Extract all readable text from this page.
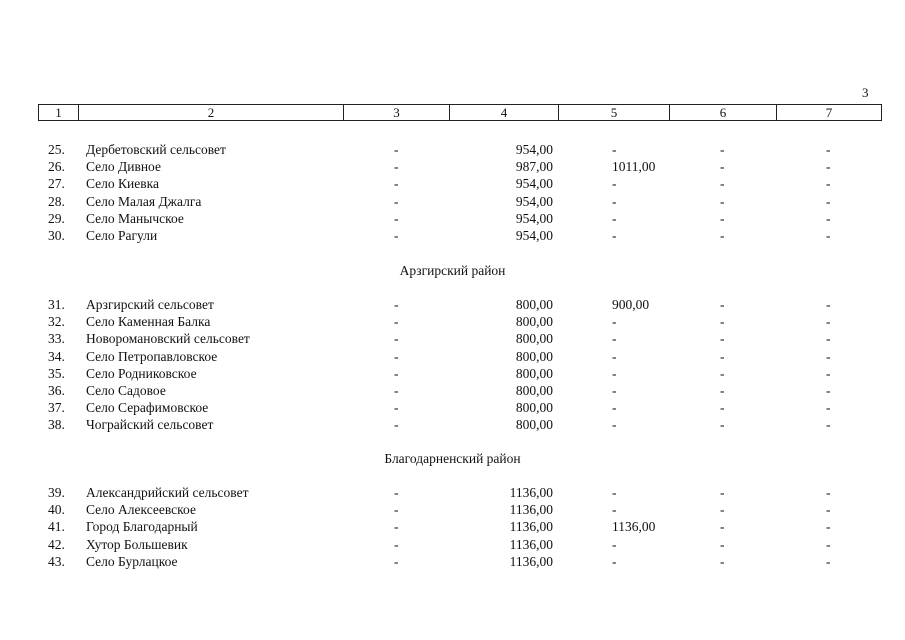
3
1	2	3	4	5	6	7
25. Дербетовский сельсовет	-	954,00	-	-	-
26. Село Дивное	-	987,00	1011,00	-	-
27. Село Киевка	-	954,00	-	-	-
28. Село Малая Джалга	-	954,00	-	-	-
29. Село Манычское	-	954,00	-	-	-
30. Село Рагули	-	954,00	-	-	-
Арзгирский район
31. Арзгирский сельсовет	-	800,00	900,00	-	-
32. Село Каменная Балка	-	800,00	-	-	-
33. Новоромановский сельсовет	-	800,00	-	-	-
34. Село Петропавловское	-	800,00	-	-	-
35. Село Родниковское	-	800,00	-	-	-
36. Село Садовое	-	800,00	-	-	-
37. Село Серафимовское	-	800,00	-	-	-
38. Чограйский сельсовет	-	800,00	-	-	-
Благодарненский район
39. Александрийский сельсовет	-	1136,00	-	-	-
40. Село Алексеевское	-	1136,00	-	-	-
41. Город Благодарный	-	1136,00	1136,00	-	-
42. Хутор Большевик	-	1136,00	-	-	-
43. Село Бурлацкое	-	1136,00	-	-	-
